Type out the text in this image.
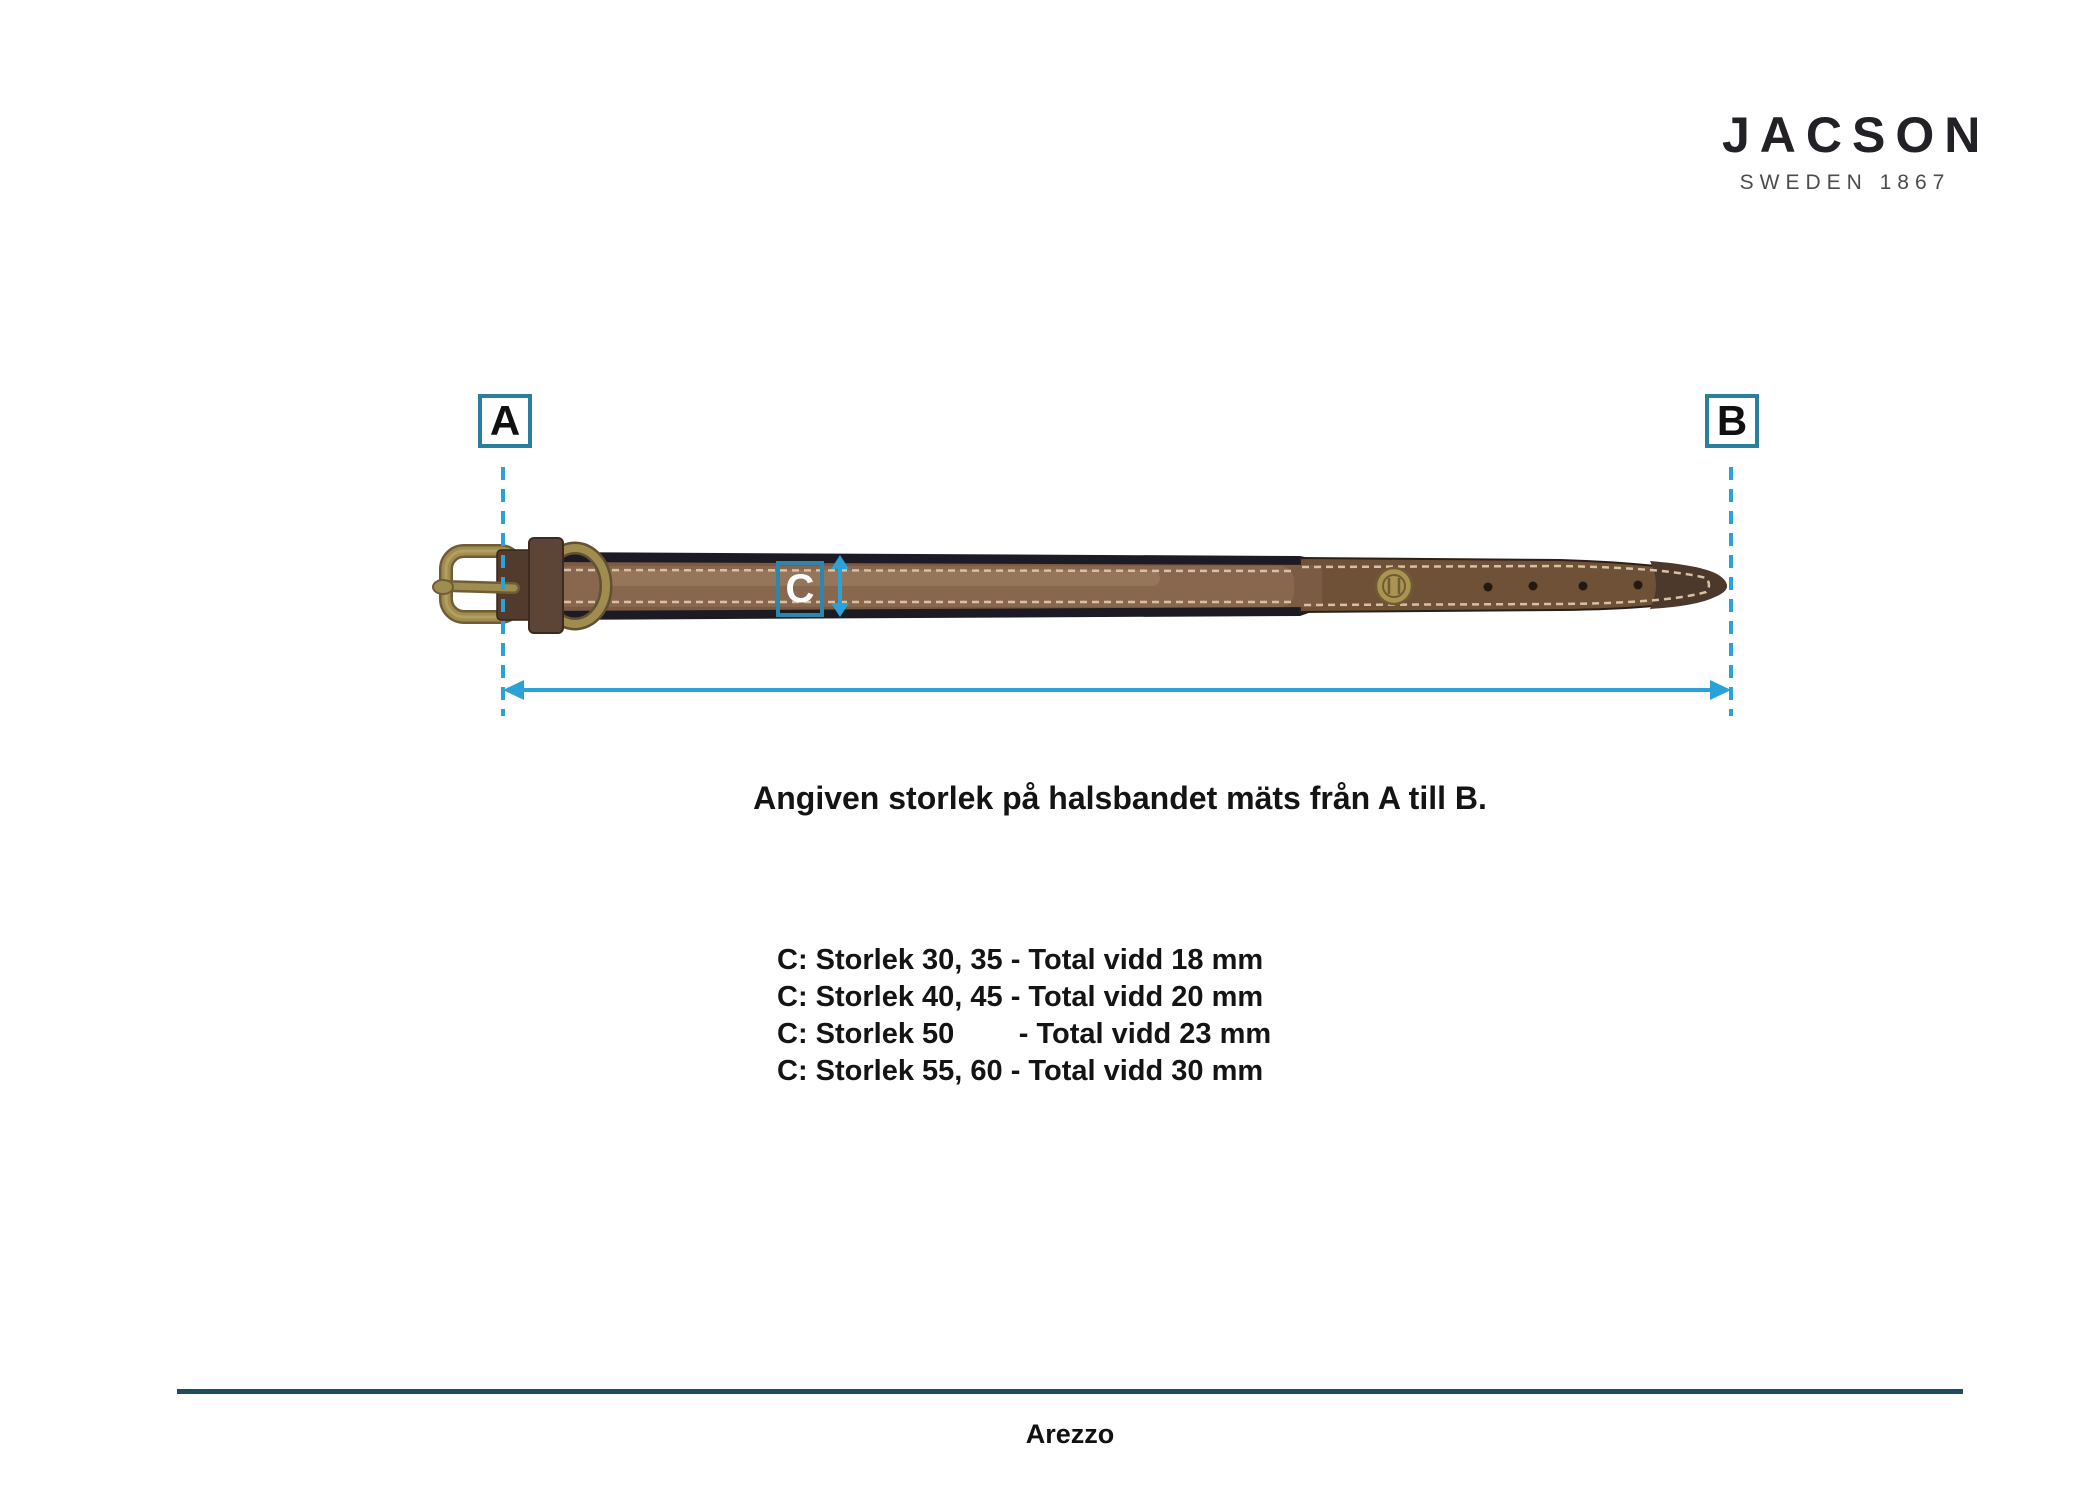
JACSON
SWEDEN 1867
A	B
C
Angiven storlek på halsbandet mäts från A till B.
C: Storlek 30, 35 - Total vidd 18 mm
C: Storlek 40, 45 - Total vidd 20 mm
C: Storlek 50        - Total vidd 23 mm
C: Storlek 55, 60 - Total vidd 30 mm
Arezzo
